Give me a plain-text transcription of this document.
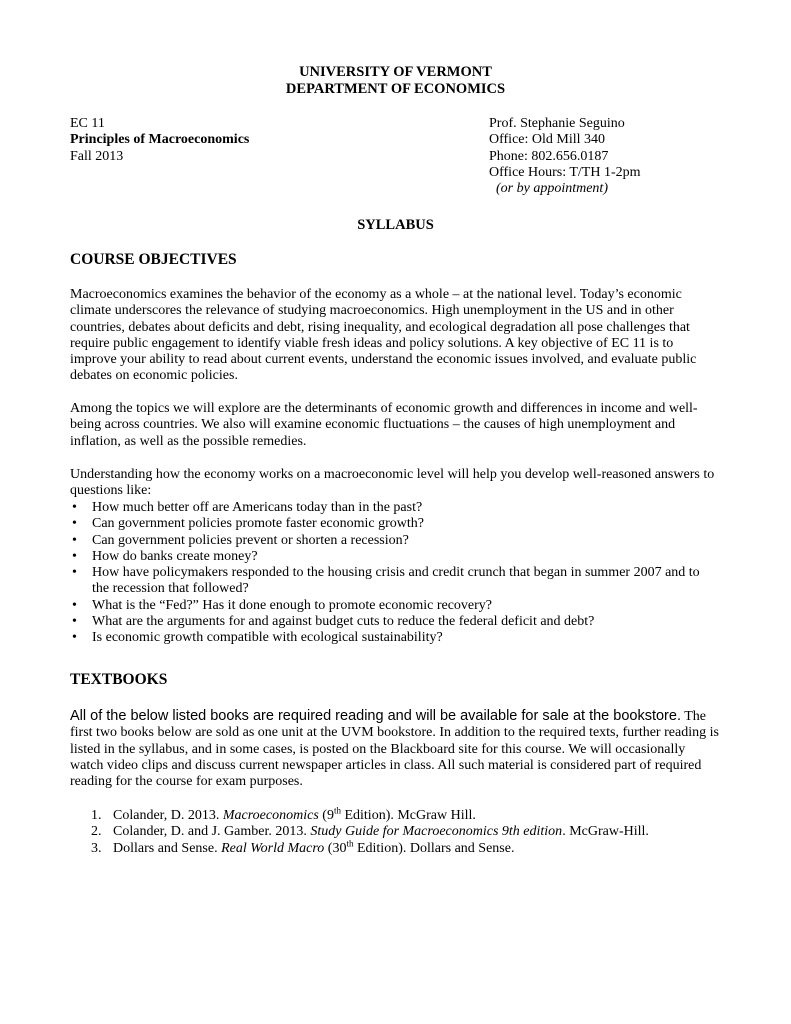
UNIVERSITY OF VERMONT
DEPARTMENT OF ECONOMICS
EC 11
Principles of Macroeconomics
Fall 2013
Prof. Stephanie Seguino
Office: Old Mill 340
Phone: 802.656.0187
Office Hours: T/TH 1-2pm
(or by appointment)
SYLLABUS
COURSE OBJECTIVES
Macroeconomics examines the behavior of the economy as a whole – at the national level. Today’s economic climate underscores the relevance of studying macroeconomics. High unemployment in the US and in other countries, debates about deficits and debt, rising inequality, and ecological degradation all pose challenges that require public engagement to identify viable fresh ideas and policy solutions. A key objective of EC 11 is to improve your ability to read about current events, understand the economic issues involved, and evaluate public debates on economic policies.
Among the topics we will explore are the determinants of economic growth and differences in income and well-being across countries. We also will examine economic fluctuations – the causes of high unemployment and inflation, as well as the possible remedies.
Understanding how the economy works on a macroeconomic level will help you develop well-reasoned answers to questions like:
• How much better off are Americans today than in the past?
• Can government policies promote faster economic growth?
• Can government policies prevent or shorten a recession?
• How do banks create money?
• How have policymakers responded to the housing crisis and credit crunch that began in summer 2007 and to the recession that followed?
• What is the “Fed?” Has it done enough to promote economic recovery?
• What are the arguments for and against budget cuts to reduce the federal deficit and debt?
• Is economic growth compatible with ecological sustainability?
TEXTBOOKS
All of the below listed books are required reading and will be available for sale at the bookstore. The first two books below are sold as one unit at the UVM bookstore. In addition to the required texts, further reading is listed in the syllabus, and in some cases, is posted on the Blackboard site for this course. We will occasionally watch video clips and discuss current newspaper articles in class. All such material is considered part of required reading for the course for exam purposes.
1. Colander, D. 2013. Macroeconomics (9th Edition). McGraw Hill.
2. Colander, D. and J. Gamber. 2013. Study Guide for Macroeconomics 9th edition. McGraw-Hill.
3. Dollars and Sense. Real World Macro (30th Edition). Dollars and Sense.
